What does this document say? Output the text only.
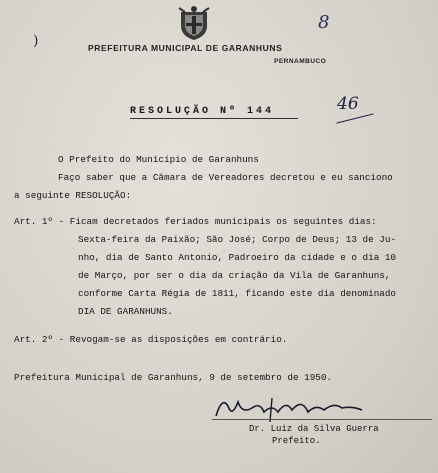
)
8
PREFEITURA MUNICIPAL DE GARANHUNS
PERNAMBUCO
RESOLUÇÃO Nº 144	46
O Prefeito do Município de Garanhuns
Faço saber que a Câmara de Vereadores decretou e eu sanciono
a seguinte RESOLUÇÃO:
Art. 1º - Ficam decretados feriados municipais os seguintes dias:
Sexta-feira da Paixão; São José; Corpo de Deus; 13 de Ju-
nho, dia de Santo Antonio, Padroeiro da cidade e o dia 10
de Março, por ser o dia da criação da Vila de Garanhuns,
conforme Carta Régia de 1811, ficando este dia denominado
DIA DE GARANHUNS.
Art. 2º - Revogam-se as disposições em contrário.
Prefeitura Municipal de Garanhuns, 9 de setembro de 1950.
Dr. Luiz da Silva Guerra
Prefeito.
